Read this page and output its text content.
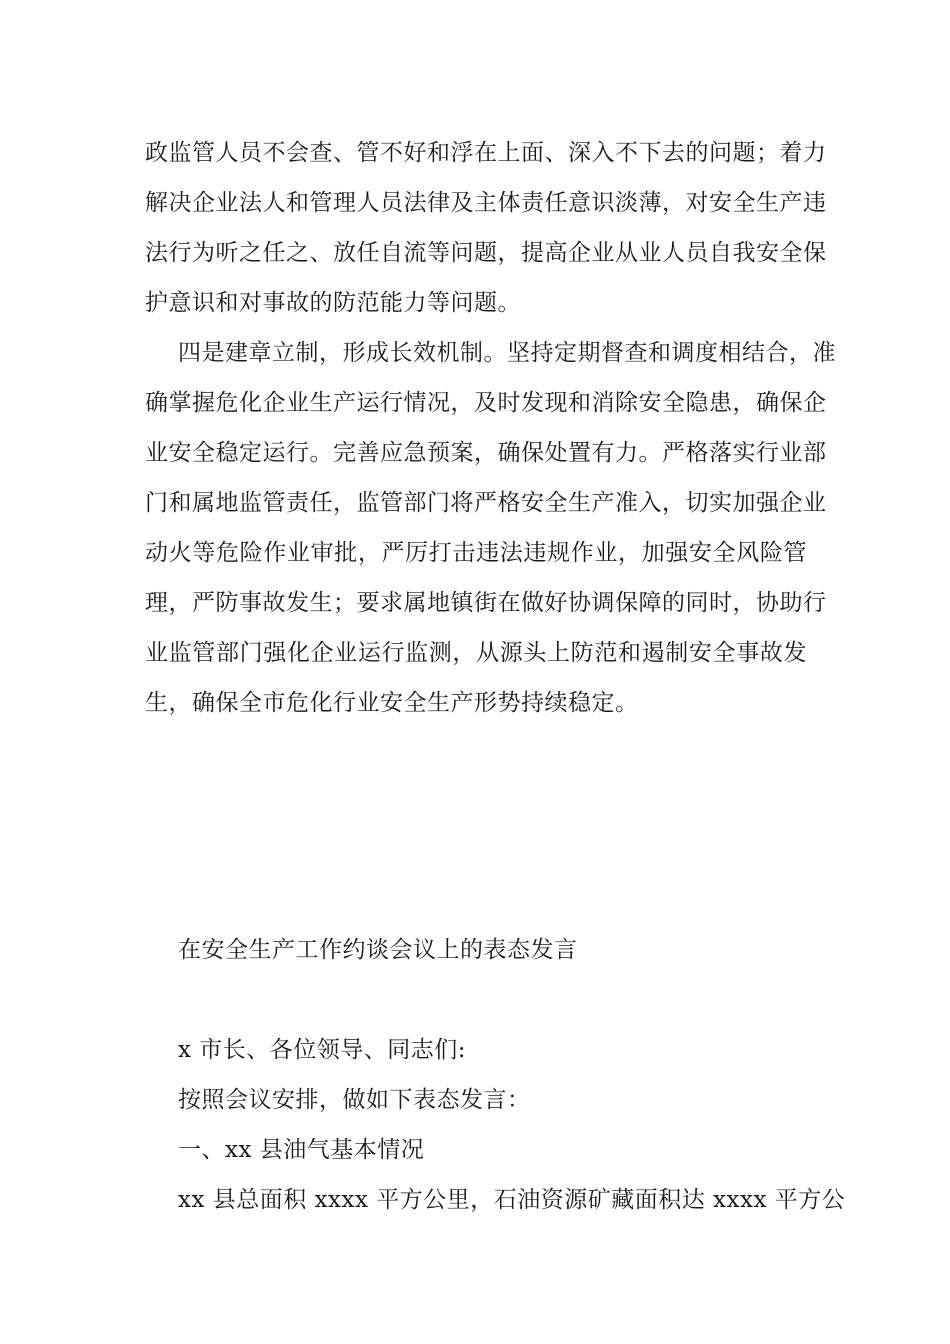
政监管人员不会查、管不好和浮在上面、深入不下去的问题；着力
解决企业法人和管理人员法律及主体责任意识淡薄，对安全生产违
法行为听之任之、放任自流等问题，提高企业从业人员自我安全保
护意识和对事故的防范能力等问题。
四是建章立制，形成长效机制。坚持定期督查和调度相结合，准
确掌握危化企业生产运行情况，及时发现和消除安全隐患，确保企
业安全稳定运行。完善应急预案，确保处置有力。严格落实行业部
门和属地监管责任，监管部门将严格安全生产准入，切实加强企业
动火等危险作业审批，严厉打击违法违规作业，加强安全风险管
理，严防事故发生；要求属地镇街在做好协调保障的同时，协助行
业监管部门强化企业运行监测，从源头上防范和遏制安全事故发
生，确保全市危化行业安全生产形势持续稳定。
在安全生产工作约谈会议上的表态发言
x 市长、各位领导、同志们:
按照会议安排，做如下表态发言：
一、xx 县油气基本情况
xx 县总面积 xxxx 平方公里，石油资源矿藏面积达 xxxx 平方公
